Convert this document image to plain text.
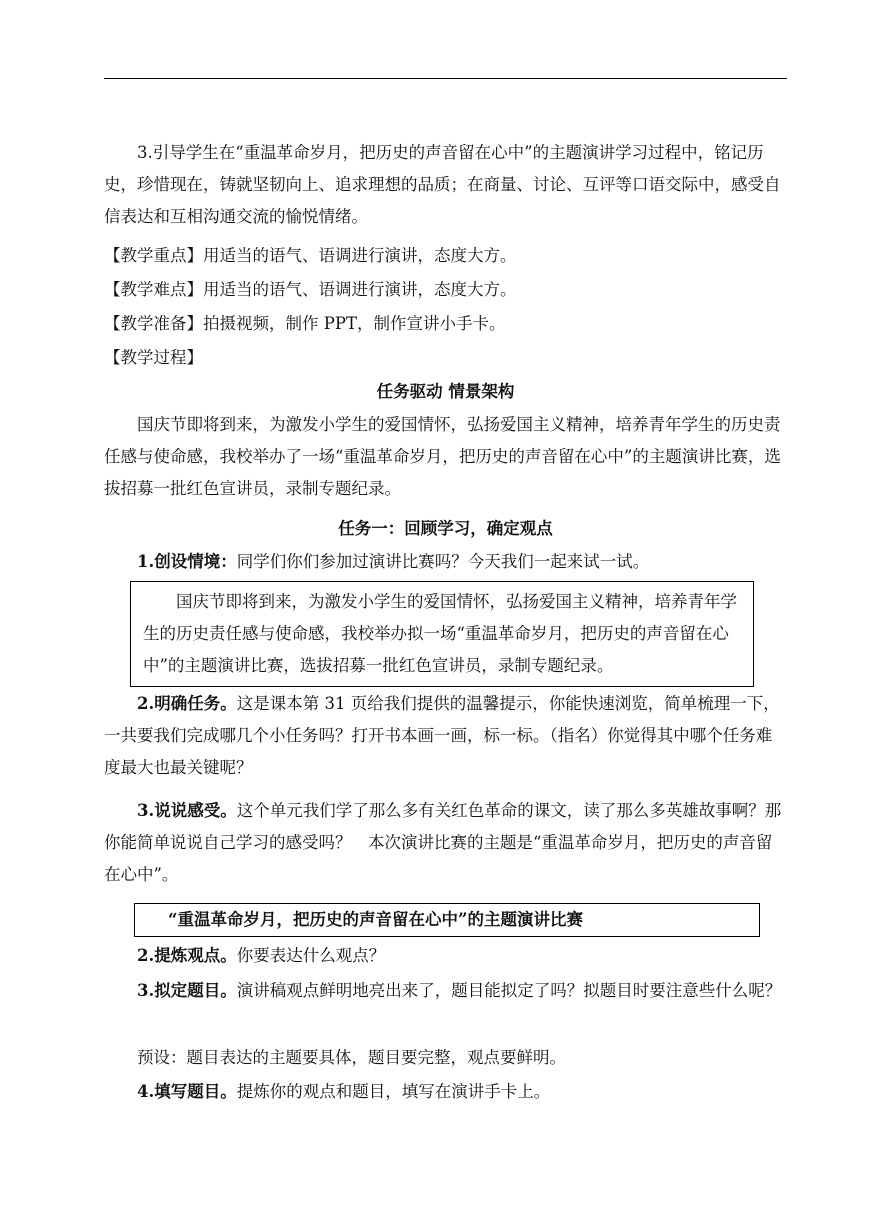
3.引导学生在“重温革命岁月，把历史的声音留在心中”的主题演讲学习过程中，铭记历史，珍惜现在，铸就坚韧向上、追求理想的品质；在商量、讨论、互评等口语交际中，感受自信表达和互相沟通交流的愉悦情绪。
【教学重点】用适当的语气、语调进行演讲，态度大方。
【教学难点】用适当的语气、语调进行演讲，态度大方。
【教学准备】拍摄视频，制作 PPT，制作宣讲小手卡。
【教学过程】
任务驱动 情景架构
国庆节即将到来，为激发小学生的爱国情怀，弘扬爱国主义精神，培养青年学生的历史责任感与使命感，我校举办了一场“重温革命岁月，把历史的声音留在心中”的主题演讲比赛，选拔招募一批红色宣讲员，录制专题纪录。
任务一：回顾学习，确定观点
1.创设情境：同学们你们参加过演讲比赛吗？今天我们一起来试一试。
国庆节即将到来，为激发小学生的爱国情怀，弘扬爱国主义精神，培养青年学生的历史责任感与使命感，我校举办拟一场“重温革命岁月，把历史的声音留在心中”的主题演讲比赛，选拔招募一批红色宣讲员，录制专题纪录。
2.明确任务。这是课本第 31 页给我们提供的温馨提示，你能快速浏览，简单梳理一下，一共要我们完成哪几个小任务吗？打开书本画一画，标一标。（指名）你觉得其中哪个任务难度最大也最关键呢？
3.说说感受。这个单元我们学了那么多有关红色革命的课文，读了那么多英雄故事啊？那你能简单说说自己学习的感受吗？　本次演讲比赛的主题是“重温革命岁月，把历史的声音留在心中”。
“重温革命岁月，把历史的声音留在心中”的主题演讲比赛
2.提炼观点。你要表达什么观点？
3.拟定题目。演讲稿观点鲜明地亮出来了，题目能拟定了吗？拟题目时要注意些什么呢？
预设：题目表达的主题要具体，题目要完整，观点要鲜明。
4.填写题目。提炼你的观点和题目，填写在演讲手卡上。
